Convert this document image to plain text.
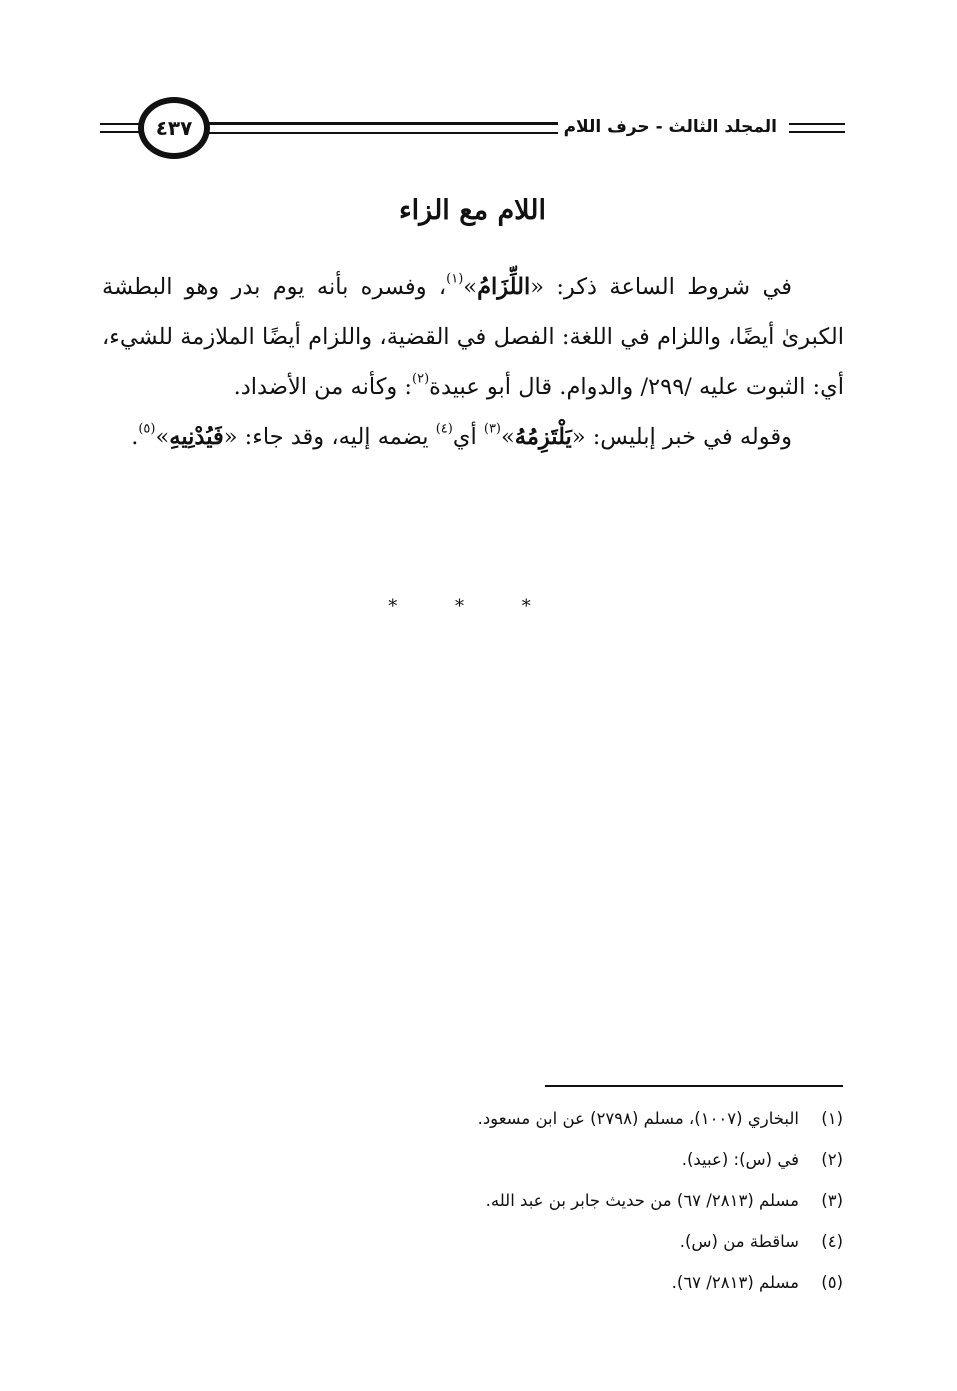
المجلد الثالث - حرف اللام
٤٣٧
اللام مع الزاء

في شروط الساعة ذكر: «اللِّزَامُ»$^{(١)}$، وفسره بأنه يوم بدر وهو البطشة الكبرىٰ أيضًا، واللزام في اللغة: الفصل في القضية، واللزام أيضًا الملازمة للشيء، أي: الثبوت عليه /٢٩٩/ والدوام. قال أبو عبيدة$^{(٢)}$: وكأنه من الأضداد.

وقوله في خبر إبليس: «يَلْتَزِمُهُ»$^{(٣)}$ أي$^{(٤)}$ يضمه إليه، وقد جاء: «فَيُدْنِيهِ»$^{(٥)}$.

* * *
(١)البخاري (١٠٠٧)، مسلم (٢٧٩٨) عن ابن مسعود.
(٢)في (س): (عبيد).
(٣)مسلم (٢٨١٣/ ٦٧) من حديث جابر بن عبد الله.
(٤)ساقطة من (س).
(٥)مسلم (٢٨١٣/ ٦٧).
